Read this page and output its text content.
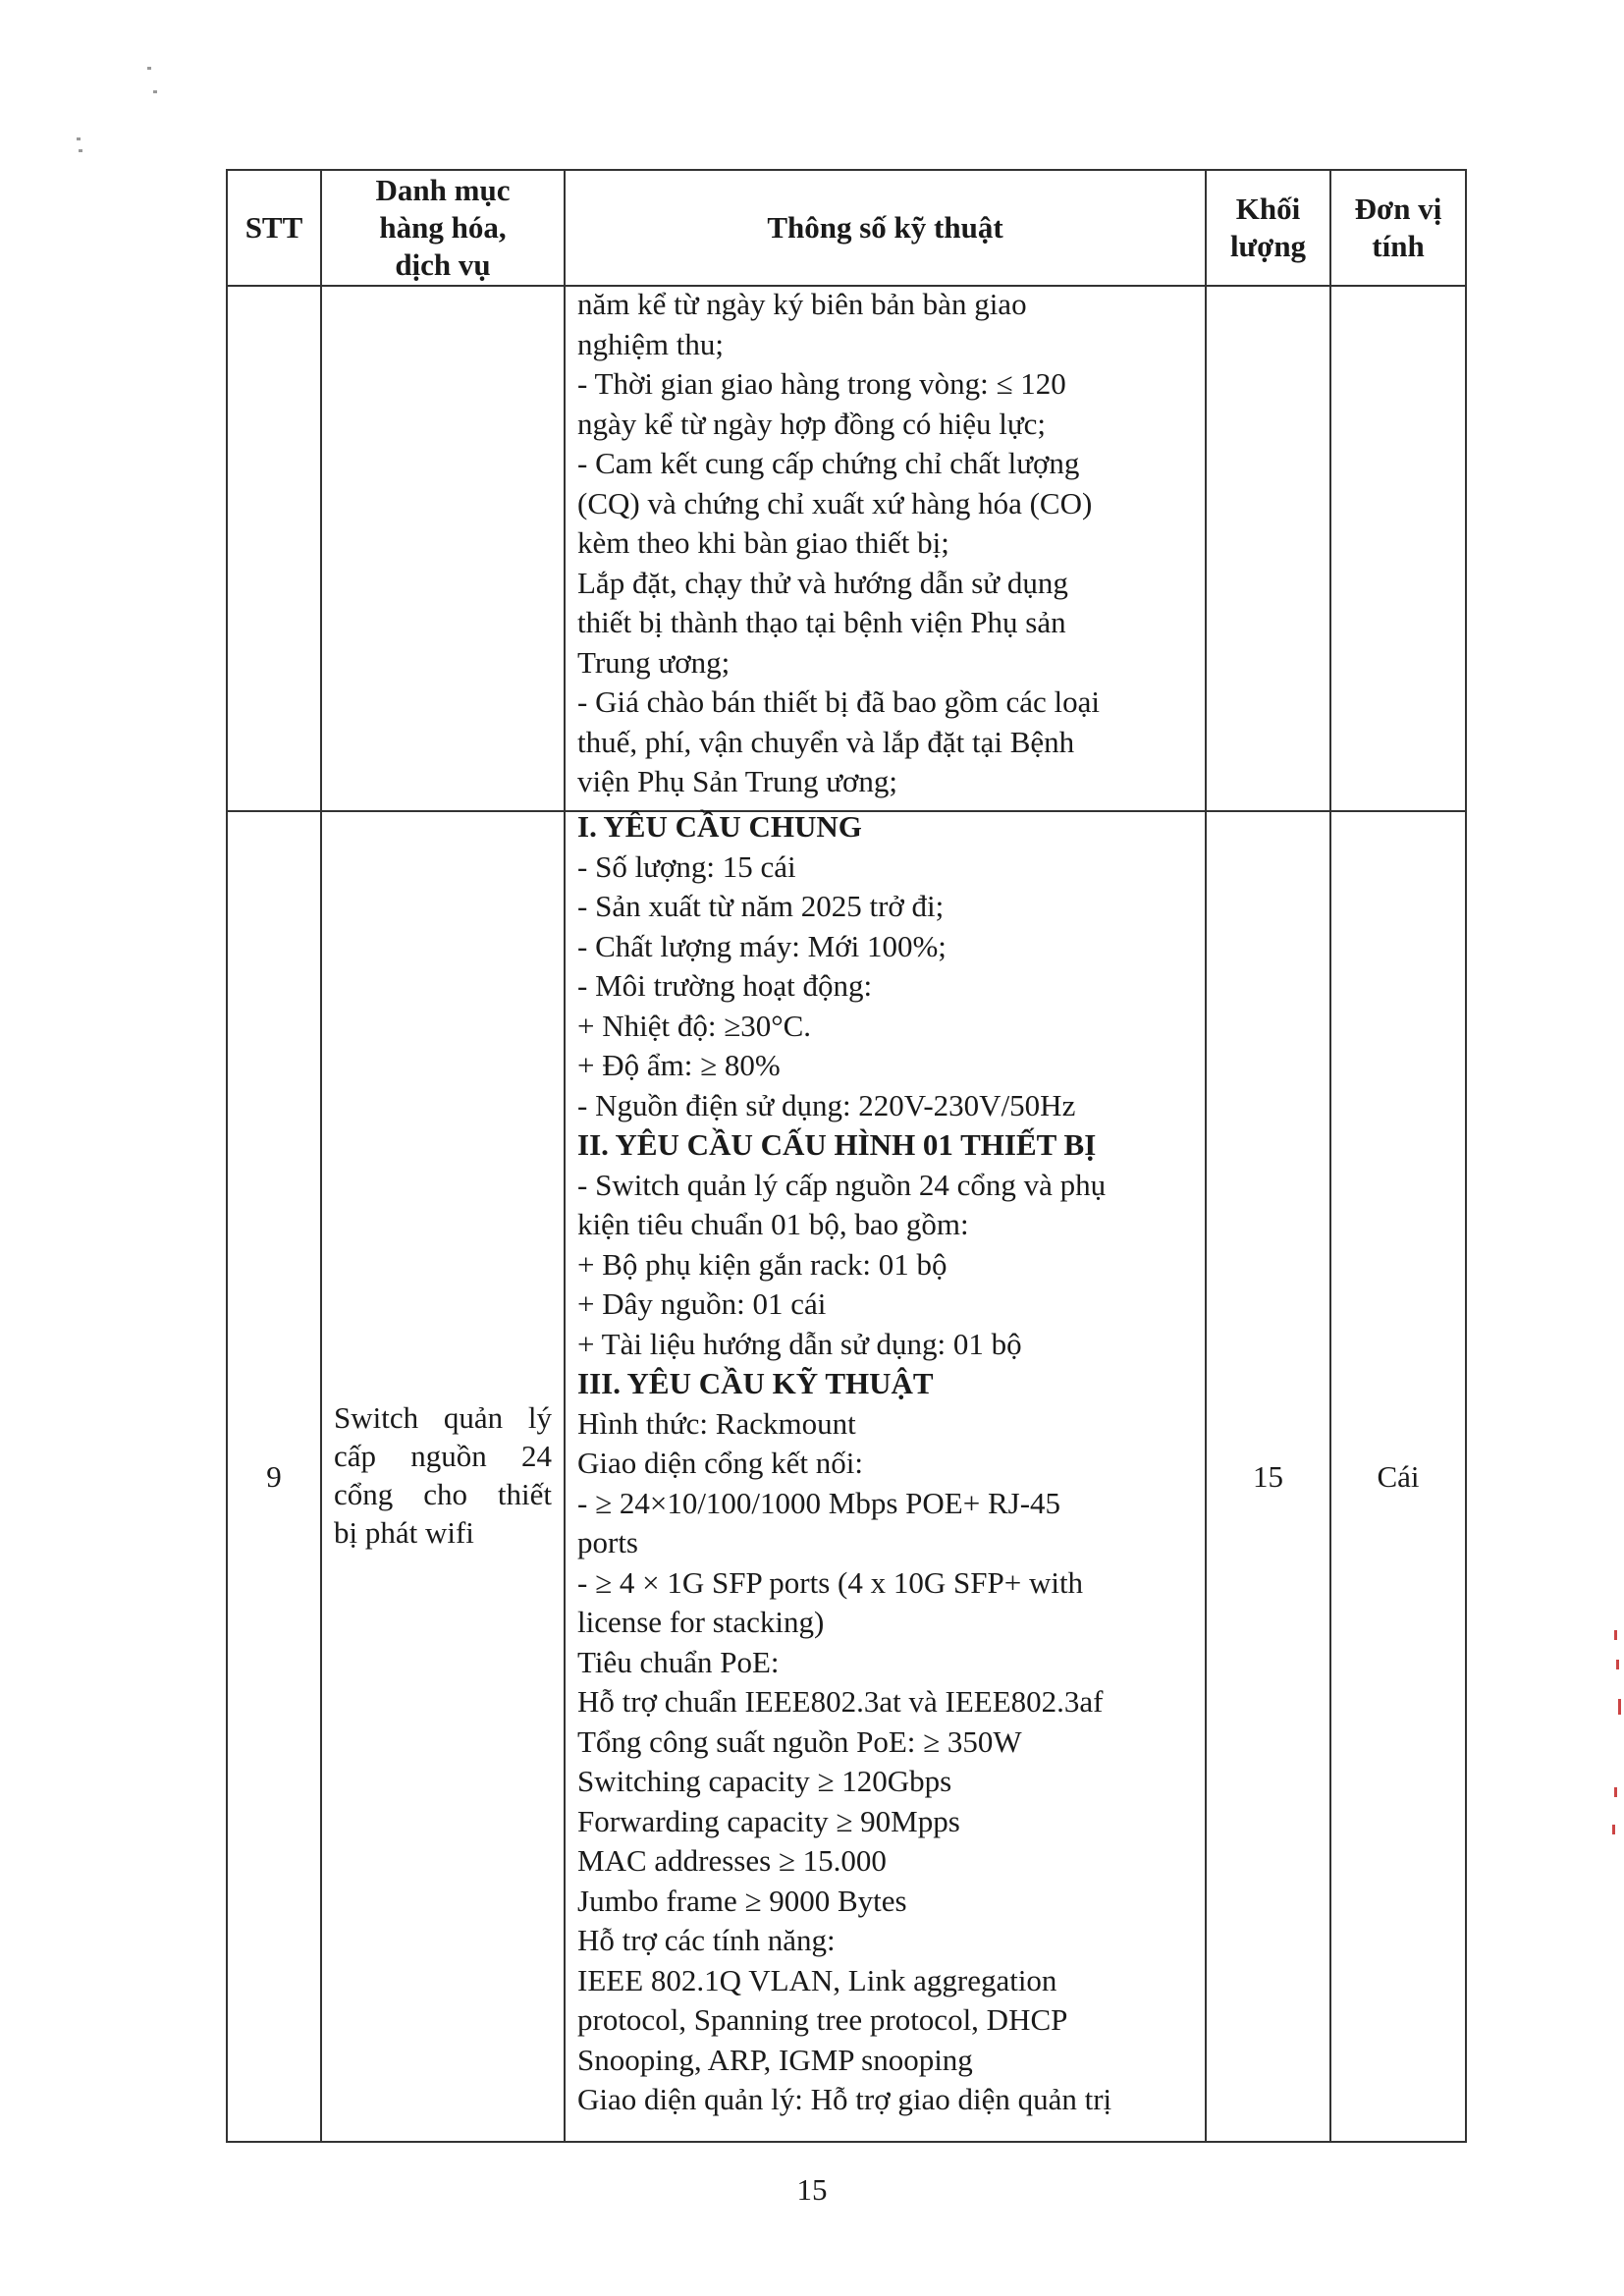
STT
Danh mục hàng hóa, dịch vụ
Thông số kỹ thuật
Khối lượng
Đơn vị tính
năm kể từ ngày ký biên bản bàn giao
nghiệm thu;
- Thời gian giao hàng trong vòng: ≤ 120
ngày kể từ ngày hợp đồng có hiệu lực;
- Cam kết cung cấp chứng chỉ chất lượng
(CQ) và chứng chỉ xuất xứ hàng hóa (CO)
kèm theo khi bàn giao thiết bị;
Lắp đặt, chạy thử và hướng dẫn sử dụng
thiết bị thành thạo tại bệnh viện Phụ sản
Trung ương;
- Giá chào bán thiết bị đã bao gồm các loại
thuế, phí, vận chuyển và lắp đặt tại Bệnh
viện Phụ Sản Trung ương;
9
Switch quản lý
cấp nguồn 24
cổng cho thiết
bị phát wifi
I. YÊU CẦU CHUNG
- Số lượng: 15 cái
- Sản xuất từ năm 2025 trở đi;
- Chất lượng máy: Mới 100%;
- Môi trường hoạt động:
+ Nhiệt độ: ≥30°C.
+ Độ ẩm: ≥ 80%
- Nguồn điện sử dụng: 220V-230V/50Hz
II. YÊU CẦU CẤU HÌNH 01 THIẾT BỊ
- Switch quản lý cấp nguồn 24 cổng và phụ
kiện tiêu chuẩn 01 bộ, bao gồm:
+ Bộ phụ kiện gắn rack: 01 bộ
+ Dây nguồn: 01 cái
+ Tài liệu hướng dẫn sử dụng: 01 bộ
III. YÊU CẦU KỸ THUẬT
Hình thức: Rackmount
Giao diện cổng kết nối:
- ≥ 24×10/100/1000 Mbps POE+ RJ-45
ports
- ≥ 4 × 1G SFP ports (4 x 10G SFP+ with
license for stacking)
Tiêu chuẩn PoE:
Hỗ trợ chuẩn IEEE802.3at và IEEE802.3af
Tổng công suất nguồn PoE: ≥ 350W
Switching capacity ≥ 120Gbps
Forwarding capacity ≥ 90Mpps
MAC addresses ≥ 15.000
Jumbo frame ≥ 9000 Bytes
Hỗ trợ các tính năng:
IEEE 802.1Q VLAN, Link aggregation
protocol, Spanning tree protocol, DHCP
Snooping, ARP, IGMP snooping
Giao diện quản lý: Hỗ trợ giao diện quản trị
15	Cái
15
